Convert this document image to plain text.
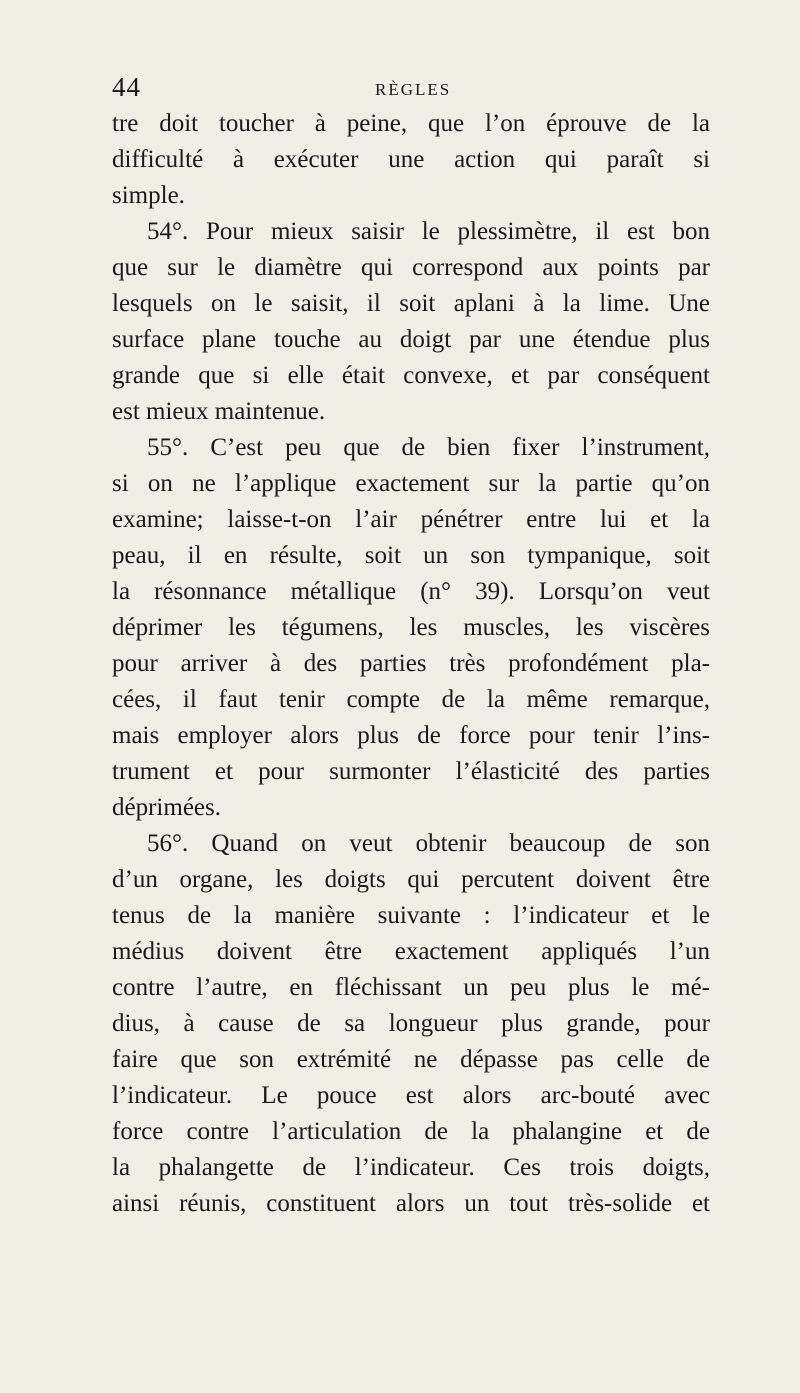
44	RÈGLES
tre doit toucher à peine, que l’on éprouve de la
difficulté à exécuter une action qui paraît si
simple.
54°. Pour mieux saisir le plessimètre, il est bon
que sur le diamètre qui correspond aux points par
lesquels on le saisit, il soit aplani à la lime. Une
surface plane touche au doigt par une étendue plus
grande que si elle était convexe, et par conséquent
est mieux maintenue.
55°. C’est peu que de bien fixer l’instrument,
si on ne l’applique exactement sur la partie qu’on
examine; laisse-t-on l’air pénétrer entre lui et la
peau, il en résulte, soit un son tympanique, soit
la résonnance métallique (n° 39). Lorsqu’on veut
déprimer les tégumens, les muscles, les viscères
pour arriver à des parties très profondément pla-
cées, il faut tenir compte de la même remarque,
mais employer alors plus de force pour tenir l’ins-
trument et pour surmonter l’élasticité des parties
déprimées.
56°. Quand on veut obtenir beaucoup de son
d’un organe, les doigts qui percutent doivent être
tenus de la manière suivante : l’indicateur et le
médius doivent être exactement appliqués l’un
contre l’autre, en fléchissant un peu plus le mé-
dius, à cause de sa longueur plus grande, pour
faire que son extrémité ne dépasse pas celle de
l’indicateur. Le pouce est alors arc-bouté avec
force contre l’articulation de la phalangine et de
la phalangette de l’indicateur. Ces trois doigts,
ainsi réunis, constituent alors un tout très-solide et
